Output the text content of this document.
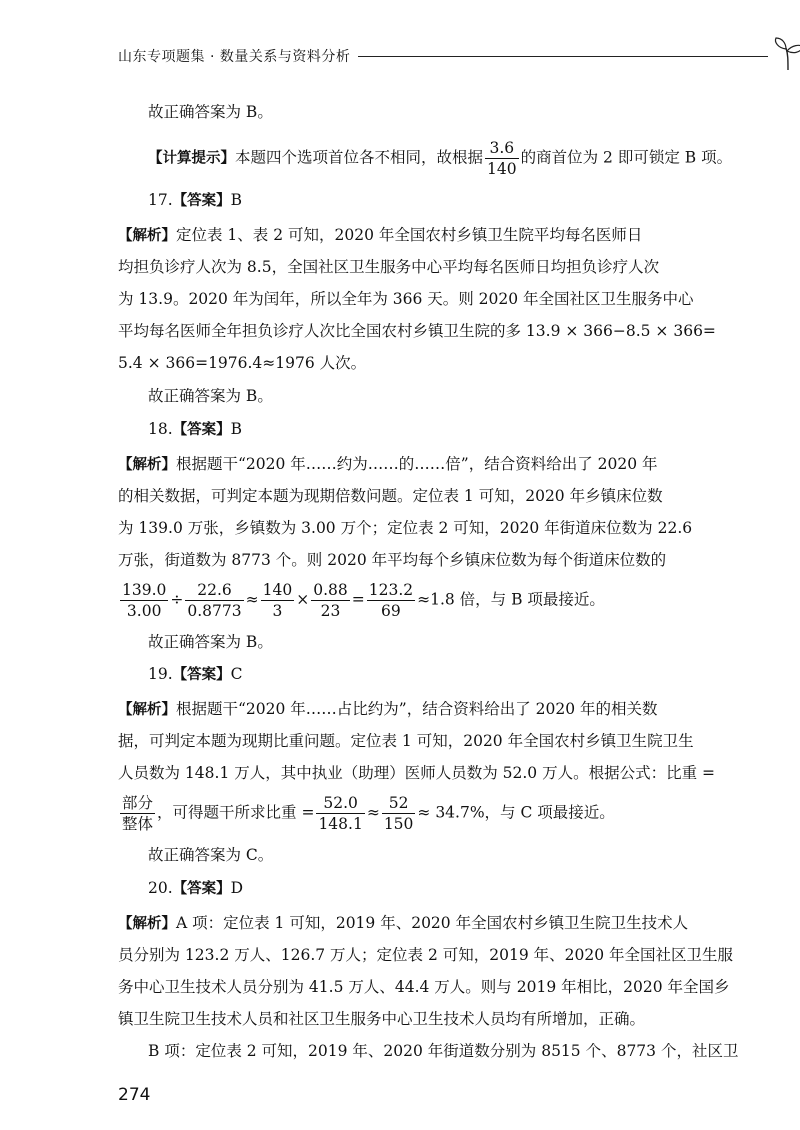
山东专项题集 · 数量关系与资料分析
故正确答案为 B。
【计算提示】本题四个选项首位各不相同，故根据 $\frac{3.6}{140}$ 的商首位为 2 即可锁定 B 项。
17.【答案】B
【解析】定位表 1、表 2 可知，2020 年全国农村乡镇卫生院平均每名医师日
均担负诊疗人次为 8.5，全国社区卫生服务中心平均每名医师日均担负诊疗人次
为 13.9。2020 年为闰年，所以全年为 366 天。则 2020 年全国社区卫生服务中心
平均每名医师全年担负诊疗人次比全国农村乡镇卫生院的多 13.9 × 366−8.5 × 366=
5.4 × 366=1976.4≈1976 人次。
故正确答案为 B。
18.【答案】B
【解析】根据题干“2020 年……约为……的……倍”，结合资料给出了 2020 年
的相关数据，可判定本题为现期倍数问题。定位表 1 可知，2020 年乡镇床位数
为 139.0 万张，乡镇数为 3.00 万个；定位表 2 可知，2020 年街道床位数为 22.6
万张，街道数为 8773 个。则 2020 年平均每个乡镇床位数为每个街道床位数的
$\frac{139.0}{3.00} \div \frac{22.6}{0.8773} \approx \frac{140}{3} \times \frac{0.88}{23} = \frac{123.2}{69} \approx 1.8$ 倍，与 B 项最接近。
故正确答案为 B。
19.【答案】C
【解析】根据题干“2020 年……占比约为”，结合资料给出了 2020 年的相关数
据，可判定本题为现期比重问题。定位表 1 可知，2020 年全国农村乡镇卫生院卫生
人员数为 148.1 万人，其中执业（助理）医师人员数为 52.0 万人。根据公式：比重 =
$\frac{\text{部分}}{\text{整体}}$ ，可得题干所求比重 = $\frac{52.0}{148.1} \approx \frac{52}{150} \approx 34.7\%$，与 C 项最接近。
故正确答案为 C。
20.【答案】D
【解析】A 项：定位表 1 可知，2019 年、2020 年全国农村乡镇卫生院卫生技术人
员分别为 123.2 万人、126.7 万人；定位表 2 可知，2019 年、2020 年全国社区卫生服
务中心卫生技术人员分别为 41.5 万人、44.4 万人。则与 2019 年相比，2020 年全国乡
镇卫生院卫生技术人员和社区卫生服务中心卫生技术人员均有所增加，正确。
B 项：定位表 2 可知，2019 年、2020 年街道数分别为 8515 个、8773 个，社区卫
274
